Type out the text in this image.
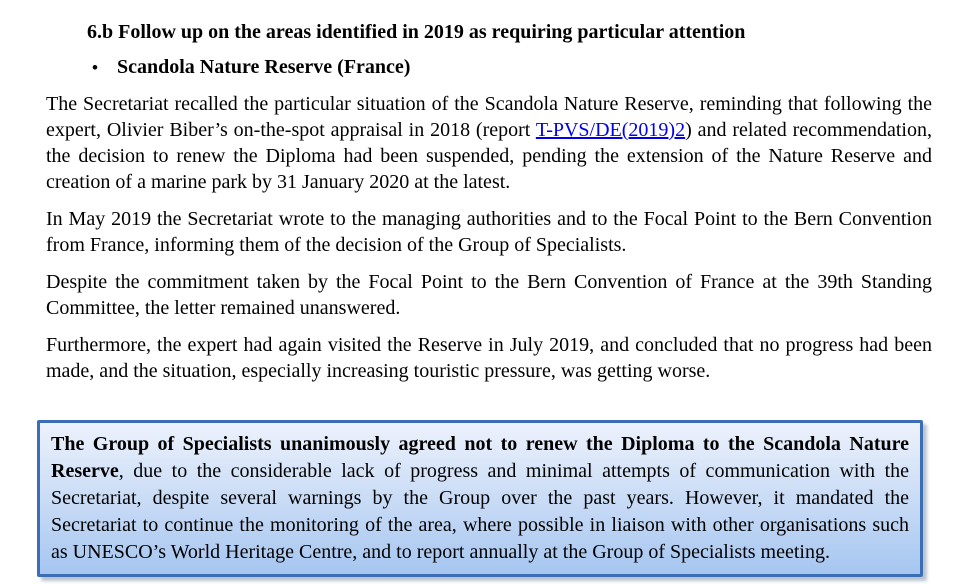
6.b Follow up on the areas identified in 2019 as requiring particular attention
• Scandola Nature Reserve (France)

The Secretariat recalled the particular situation of the Scandola Nature Reserve, reminding that following the expert, Olivier Biber’s on-the-spot appraisal in 2018 (report T-PVS/DE(2019)2) and related recommendation, the decision to renew the Diploma had been suspended, pending the extension of the Nature Reserve and creation of a marine park by 31 January 2020 at the latest.

In May 2019 the Secretariat wrote to the managing authorities and to the Focal Point to the Bern Convention from France, informing them of the decision of the Group of Specialists.

Despite the commitment taken by the Focal Point to the Bern Convention of France at the 39th Standing Committee, the letter remained unanswered.

Furthermore, the expert had again visited the Reserve in July 2019, and concluded that no progress had been made, and the situation, especially increasing touristic pressure, was getting worse.

The Group of Specialists unanimously agreed not to renew the Diploma to the Scandola Nature Reserve, due to the considerable lack of progress and minimal attempts of communication with the Secretariat, despite several warnings by the Group over the past years. However, it mandated the Secretariat to continue the monitoring of the area, where possible in liaison with other organisations such as UNESCO’s World Heritage Centre, and to report annually at the Group of Specialists meeting.
